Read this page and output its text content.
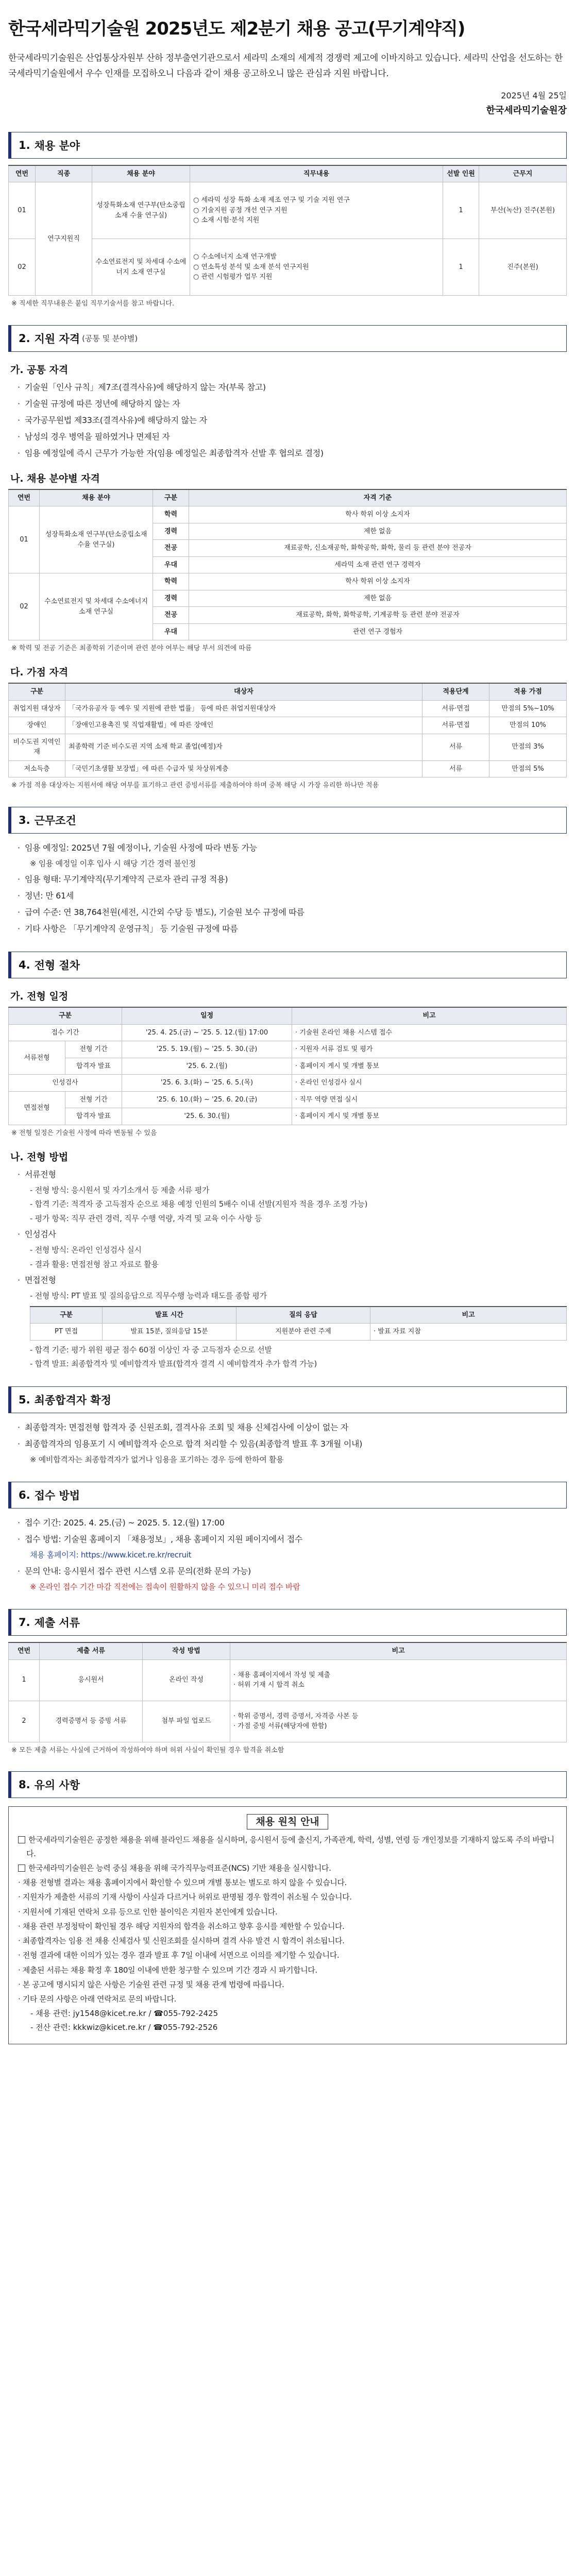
한국세라믹기술원 2025년도 제2분기 채용 공고(무기계약직)
한국세라믹기술원은 산업통상자원부 산하 정부출연기관으로서 세라믹 소재의 세계적 경쟁력 제고에 이바지하고 있습니다. 세라믹 산업을 선도하는 한국세라믹기술원에서 우수 인재를 모집하오니 다음과 같이 채용 공고하오니 많은 관심과 지원 바랍니다.
2025년 4월 25일
한국세라믹기술원장
1. 채용 분야
연번	직종	채용 분야	직무내용	선발 인원	근무지
01	연구지원직	성장특화소재 연구부(탄소중립소재 수율 연구실)	○ 세라믹 성장 특화 소재 제조 연구 및 기술 지원 연구
○ 기술지원 공정 개선 연구 지원
○ 소재 시험·분석 지원	1	부산(녹산) 진주(본원)
02		수소연료전지 및 차세대 수소에너지 소재 연구실	○ 수소에너지 소재 연구개발
○ 연소특성 분석 및 소재 분석 연구지원
○ 관련 시험평가 업무 지원	1	진주(본원)
※ 직세한 직무내용은 붙임 직무기술서를 참고 바랍니다.
2. 지원 자격 (공통 및 분야별)
가. 공통 자격
· 기술원「인사 규칙」제7조(결격사유)에 해당하지 않는 자(부록 참고)
· 기술원 규정에 따른 정년에 해당하지 않는 자
· 국가공무원법 제33조(결격사유)에 해당하지 않는 자
· 남성의 경우 병역을 필하였거나 면제된 자
· 임용 예정일에 즉시 근무가 가능한 자(임용 예정일은 최종합격자 선발 후 협의로 결정)
나. 채용 분야별 자격
연번	채용 분야	구분	자격 기준
01	성장특화소재 연구부(탄소중립소재 수율 연구실)	학력	학사 학위 이상 소지자
		경력	제한 없음
		전공	재료공학, 신소재공학, 화학공학, 화학, 물리 등 관련 분야 전공자
		우대	세라믹 소재 관련 연구 경력자
02	수소연료전지 및 차세대 수소에너지 소재 연구실	학력	학사 학위 이상 소지자
		경력	제한 없음
		전공	재료공학, 화학, 화학공학, 기계공학 등 관련 분야 전공자
		우대	관련 연구 경험자
※ 학력 및 전공 기준은 최종학위 기준이며 관련 분야 여부는 해당 부서 의견에 따름
다. 가점 자격
구분	대상자	적용단계	적용 가점
취업지원 대상자	「국가유공자 등 예우 및 지원에 관한 법률」 등에 따른 취업지원대상자	서류·면접	만점의 5%~10%
장애인	「장애인고용촉진 및 직업재활법」에 따른 장애인	서류·면접	만점의 10%
비수도권 지역인재	최종학력 기준 비수도권 지역 소재 학교 졸업(예정)자	서류	만점의 3%
저소득층	「국민기초생활 보장법」에 따른 수급자 및 차상위계층	서류	만점의 5%
※ 가점 적용 대상자는 지원서에 해당 여부를 표기하고 관련 증빙서류를 제출하여야 하며 중복 해당 시 가장 유리한 하나만 적용
3. 근무조건
· 임용 예정일: 2025년 7월 예정이나, 기술원 사정에 따라 변동 가능
※ 임용 예정일 이후 입사 시 해당 기간 경력 불인정
· 임용 형태: 무기계약직(무기계약직 근로자 관리 규정 적용)
· 정년: 만 61세
· 급여 수준: 연 38,764천원(세전, 시간외 수당 등 별도), 기술원 보수 규정에 따름
· 기타 사항은 「무기계약직 운영규칙」 등 기술원 규정에 따름
4. 전형 절차
가. 전형 일정
구분		일정	비고
접수 기간		'25. 4. 25.(금) ~ '25. 5. 12.(월) 17:00	· 기술원 온라인 채용 시스템 접수
서류전형	전형 기간	'25. 5. 19.(월) ~ '25. 5. 30.(금)	· 지원자 서류 검토 및 평가
	합격자 발표	'25. 6. 2.(월)	· 홈페이지 게시 및 개별 통보
인성검사		'25. 6. 3.(화) ~ '25. 6. 5.(목)	· 온라인 인성검사 실시
면접전형	전형 기간	'25. 6. 10.(화) ~ '25. 6. 20.(금)	· 직무 역량 면접 실시
	합격자 발표	'25. 6. 30.(월)	· 홈페이지 게시 및 개별 통보
※ 전형 일정은 기술원 사정에 따라 변동될 수 있음
나. 전형 방법
· 서류전형
- 전형 방식: 응시원서 및 자기소개서 등 제출 서류 평가
- 합격 기준: 적격자 중 고득점자 순으로 채용 예정 인원의 5배수 이내 선발(지원자 적을 경우 조정 가능)
- 평가 항목: 직무 관련 경력, 직무 수행 역량, 자격 및 교육 이수 사항 등
· 인성검사
- 전형 방식: 온라인 인성검사 실시
- 결과 활용: 면접전형 참고 자료로 활용
· 면접전형
- 전형 방식: PT 발표 및 질의응답으로 직무수행 능력과 태도를 종합 평가
구분	발표 시간	질의 응답	비고
PT 면접	발표 15분, 질의응답 15분	지원분야 관련 주제	· 발표 자료 지참
- 합격 기준: 평가 위원 평균 점수 60점 이상인 자 중 고득점자 순으로 선발
- 합격 발표: 최종합격자 및 예비합격자 발표(합격자 결격 시 예비합격자 추가 합격 가능)
5. 최종합격자 확정
· 최종합격자: 면접전형 합격자 중 신원조회, 결격사유 조회 및 채용 신체검사에 이상이 없는 자
· 최종합격자의 임용포기 시 예비합격자 순으로 합격 처리할 수 있음(최종합격 발표 후 3개월 이내)
※ 예비합격자는 최종합격자가 없거나 임용을 포기하는 경우 등에 한하여 활용
6. 접수 방법
· 접수 기간: 2025. 4. 25.(금) ~ 2025. 5. 12.(월) 17:00
· 접수 방법: 기술원 홈페이지 「채용정보」, 채용 홈페이지 지원 페이지에서 접수
채용 홈페이지: https://www.kicet.re.kr/recruit
· 문의 안내: 응시원서 접수 관련 시스템 오류 문의(전화 문의 가능)
※ 온라인 접수 기간 마감 직전에는 접속이 원활하지 않을 수 있으니 미리 접수 바람
7. 제출 서류
연번	제출 서류	작성 방법	비고
1	응시원서	온라인 작성	· 채용 홈페이지에서 작성 및 제출
· 허위 기재 시 합격 취소
2	경력증명서 등 증빙 서류	첨부 파일 업로드	· 학위 증명서, 경력 증명서, 자격증 사본 등
· 가점 증빙 서류(해당자에 한함)
※ 모든 제출 서류는 사실에 근거하여 작성하여야 하며 허위 사실이 확인될 경우 합격을 취소함
8. 유의 사항
채용 원칙 안내
한국세라믹기술원은 공정한 채용을 위해 블라인드 채용을 실시하며, 응시원서 등에 출신지, 가족관계, 학력, 성별, 연령 등 개인정보를 기재하지 않도록 주의 바랍니다.
한국세라믹기술원은 능력 중심 채용을 위해 국가직무능력표준(NCS) 기반 채용을 실시합니다.
· 채용 전형별 결과는 채용 홈페이지에서 확인할 수 있으며 개별 통보는 별도로 하지 않을 수 있습니다.
· 지원자가 제출한 서류의 기재 사항이 사실과 다르거나 허위로 판명될 경우 합격이 취소될 수 있습니다.
· 지원서에 기재된 연락처 오류 등으로 인한 불이익은 지원자 본인에게 있습니다.
· 채용 관련 부정청탁이 확인될 경우 해당 지원자의 합격을 취소하고 향후 응시를 제한할 수 있습니다.
· 최종합격자는 임용 전 채용 신체검사 및 신원조회를 실시하며 결격 사유 발견 시 합격이 취소됩니다.
· 전형 결과에 대한 이의가 있는 경우 결과 발표 후 7일 이내에 서면으로 이의를 제기할 수 있습니다.
· 제출된 서류는 채용 확정 후 180일 이내에 반환 청구할 수 있으며 기간 경과 시 파기합니다.
· 본 공고에 명시되지 않은 사항은 기술원 관련 규정 및 채용 관계 법령에 따릅니다.
· 기타 문의 사항은 아래 연락처로 문의 바랍니다.
- 채용 관련: jy1548@kicet.re.kr / ☎055-792-2425
- 전산 관련: kkkwiz@kicet.re.kr / ☎055-792-2526
